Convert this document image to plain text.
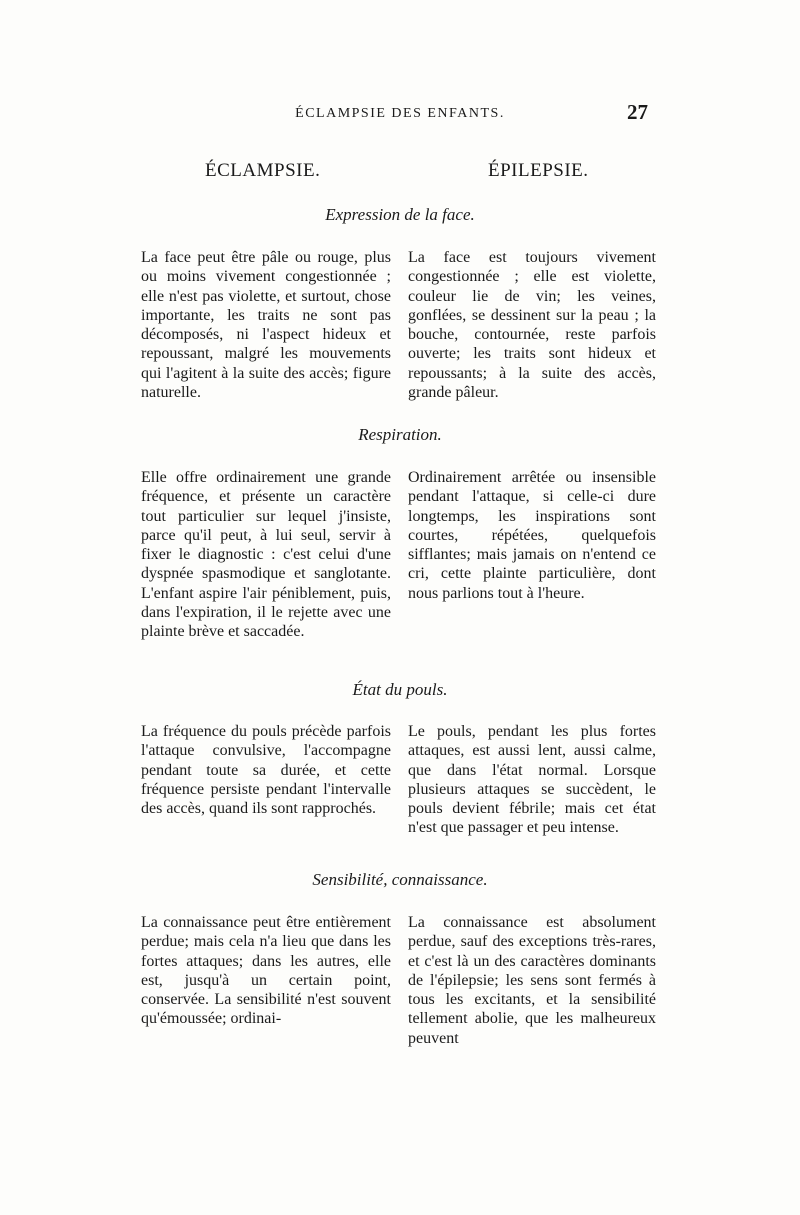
ÉCLAMPSIE DES ENFANTS.	27
ÉCLAMPSIE.	ÉPILEPSIE.
Expression de la face.
La face peut être pâle ou rouge, plus ou moins vivement congestionnée ; elle n'est pas violette, et surtout, chose importante, les traits ne sont pas décomposés, ni l'aspect hideux et repoussant, malgré les mouvements qui l'agitent à la suite des accès; figure naturelle.
La face est toujours vivement congestionnée ; elle est violette, couleur lie de vin; les veines, gonflées, se dessinent sur la peau ; la bouche, contournée, reste parfois ouverte; les traits sont hideux et repoussants; à la suite des accès, grande pâleur.
Respiration.
Elle offre ordinairement une grande fréquence, et présente un caractère tout particulier sur lequel j'insiste, parce qu'il peut, à lui seul, servir à fixer le diagnostic : c'est celui d'une dyspnée spasmodique et sanglotante. L'enfant aspire l'air péniblement, puis, dans l'expiration, il le rejette avec une plainte brève et saccadée.
Ordinairement arrêtée ou insensible pendant l'attaque, si celle-ci dure longtemps, les inspirations sont courtes, répétées, quelquefois sifflantes; mais jamais on n'entend ce cri, cette plainte particulière, dont nous parlions tout à l'heure.
État du pouls.
La fréquence du pouls précède parfois l'attaque convulsive, l'accompagne pendant toute sa durée, et cette fréquence persiste pendant l'intervalle des accès, quand ils sont rapprochés.
Le pouls, pendant les plus fortes attaques, est aussi lent, aussi calme, que dans l'état normal. Lorsque plusieurs attaques se succèdent, le pouls devient fébrile; mais cet état n'est que passager et peu intense.
Sensibilité, connaissance.
La connaissance peut être entièrement perdue; mais cela n'a lieu que dans les fortes attaques; dans les autres, elle est, jusqu'à un certain point, conservée. La sensibilité n'est souvent qu'émoussée; ordinai-
La connaissance est absolument perdue, sauf des exceptions très-rares, et c'est là un des caractères dominants de l'épilepsie; les sens sont fermés à tous les excitants, et la sensibilité tellement abolie, que les malheureux peuvent
